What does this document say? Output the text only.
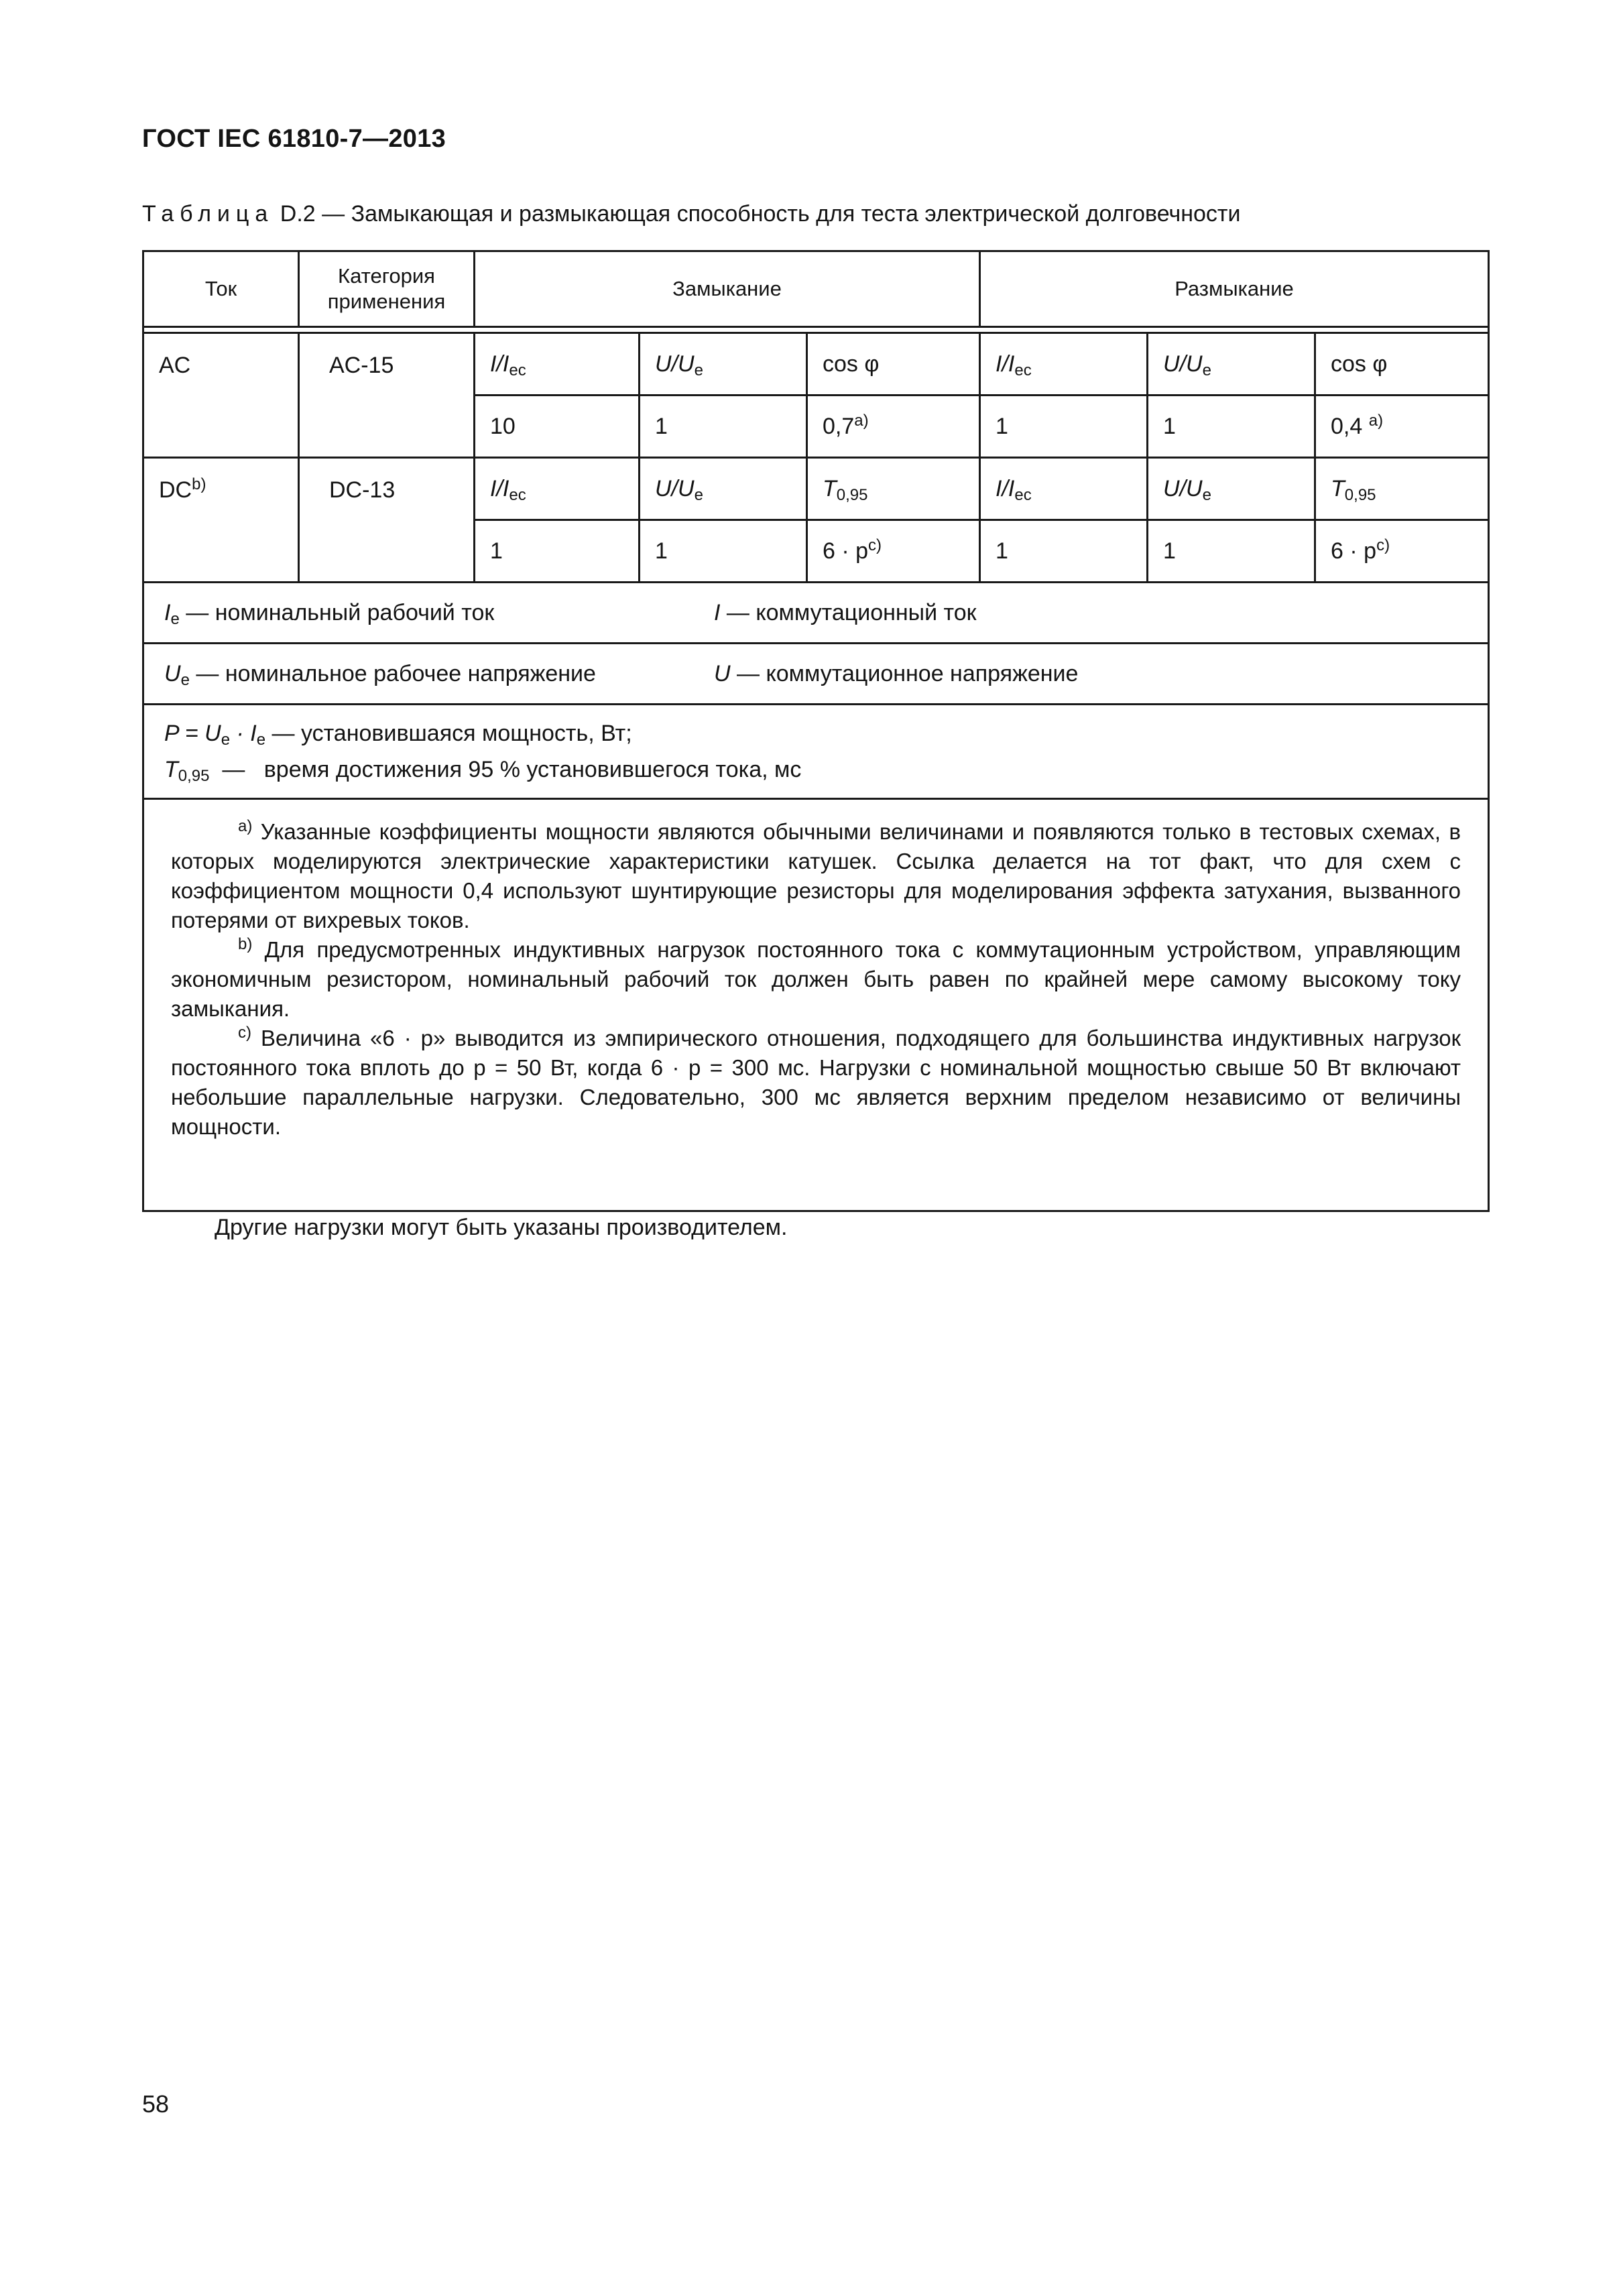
ГОСТ IEC 61810-7—2013
Таблица D.2 — Замыкающая и размыкающая способность для теста электрической долговечности
Ток	Категория применения	Замыкание			Размыкание		

AC	AC-15	$I/I_{ec}$	$U/U_e$	cos φ	$I/I_{ec}$	$U/U_e$	cos φ
		10	1	0,7$^{a)}$	1	1	0,4 $^{a)}$
DC$^{b)}$	DC-13	$I/I_{ec}$	$U/U_e$	$T_{0,95}$	$I/I_{ec}$	$U/U_e$	$T_{0,95}$
		1	1	$6 \cdot p^{c)}$	1	1	$6 \cdot p^{c)}$
$I_e$ — номинальный рабочий ток I — коммутационный ток							
$U_e$ — номинальное рабочее напряжение U — коммутационное напряжение							

$P = U_e \cdot I_e$ — установившаяся мощность, Вт;
$T_{0,95}$  —   время достижения 95 % установившегося тока, мс							

$^{a)}$ Указанные коэффициенты мощности являются обычными величинами и появляются только в тестовых схемах, в которых моделируются электрические характеристики катушек. Ссылка делается на тот факт, что для схем с коэффициентом мощности 0,4 используют шунтирующие резисторы для моделирования эффекта затухания, вызванного потерями от вихревых токов.

$^{b)}$ Для предусмотренных индуктивных нагрузок постоянного тока с коммутационным устройством, управляющим экономичным резистором, номинальный рабочий ток должен быть равен по крайней мере самому высокому току замыкания.

$^{c)}$ Величина «6 · p» выводится из эмпирического отношения, подходящего для большинства индуктивных нагрузок постоянного тока вплоть до p = 50 Вт, когда 6 · p = 300 мс. Нагрузки с номинальной мощностью свыше 50 Вт включают небольшие параллельные нагрузки. Следовательно, 300 мс является верхним пределом независимо от величины мощности.							

Другие нагрузки могут быть указаны производителем.
58
